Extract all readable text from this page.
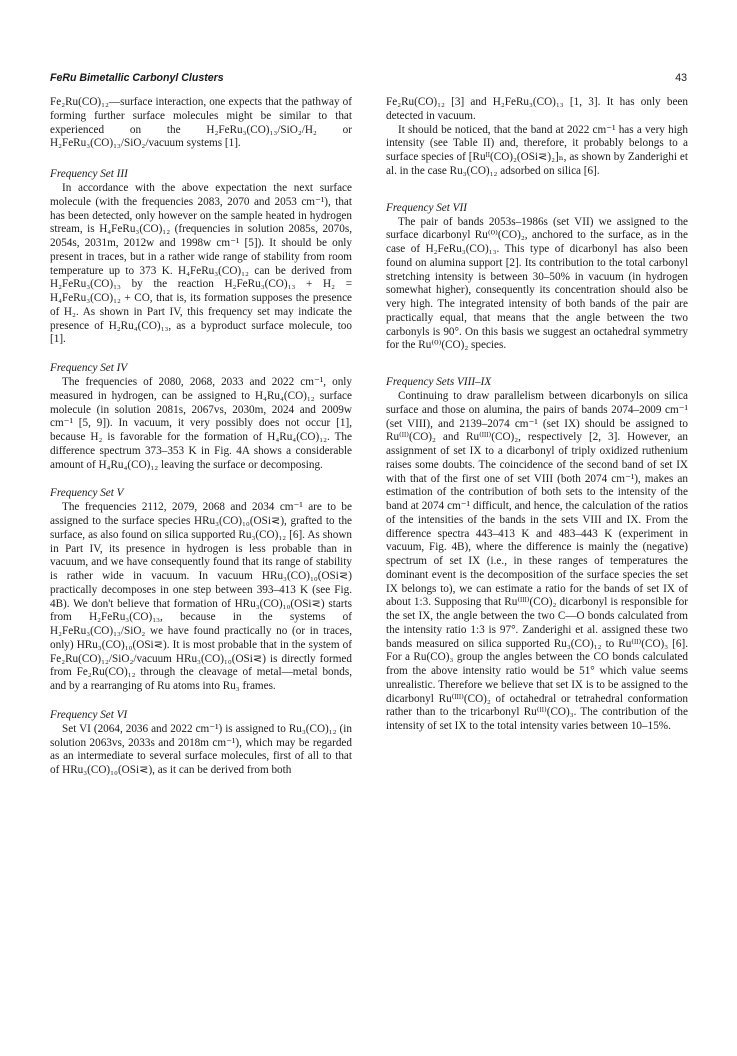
FeRu Bimetallic Carbonyl Clusters	43

Fe₂Ru(CO)₁₂—surface interaction, one expects that the pathway of forming further surface molecules might be similar to that experienced on the H₂FeRu₃(CO)₁₃/SiO₂/H₂ or H₂FeRu₃(CO)₁₃/SiO₂/vacuum systems [1].

Frequency Set III

In accordance with the above expectation the next surface molecule (with the frequencies 2083, 2070 and 2053 cm⁻¹), that has been detected, only however on the sample heated in hydrogen stream, is H₄FeRu₃(CO)₁₂ (frequencies in solution 2085s, 2070s, 2054s, 2031m, 2012w and 1998w cm⁻¹ [5]). It should be only present in traces, but in a rather wide range of stability from room temperature up to 373 K. H₄FeRu₃(CO)₁₂ can be derived from H₂FeRu₃(CO)₁₃ by the reaction H₂FeRu₃(CO)₁₃ + H₂ = H₄FeRu₃(CO)₁₂ + CO, that is, its formation supposes the presence of H₂. As shown in Part IV, this frequency set may indicate the presence of H₂Ru₄(CO)₁₃, as a byproduct surface molecule, too [1].

Frequency Set IV

The frequencies of 2080, 2068, 2033 and 2022 cm⁻¹, only measured in hydrogen, can be assigned to H₄Ru₄(CO)₁₂ surface molecule (in solution 2081s, 2067vs, 2030m, 2024 and 2009w cm⁻¹ [5, 9]). In vacuum, it very possibly does not occur [1], because H₂ is favorable for the formation of H₄Ru₄(CO)₁₂. The difference spectrum 373–353 K in Fig. 4A shows a considerable amount of H₄Ru₄(CO)₁₂ leaving the surface or decomposing.

Frequency Set V

The frequencies 2112, 2079, 2068 and 2034 cm⁻¹ are to be assigned to the surface species HRu₃(CO)₁₀(OSi⋜), grafted to the surface, as also found on silica supported Ru₃(CO)₁₂ [6]. As shown in Part IV, its presence in hydrogen is less probable than in vacuum, and we have consequently found that its range of stability is rather wide in vacuum. In vacuum HRu₃(CO)₁₀(OSi⋜) practically decomposes in one step between 393–413 K (see Fig. 4B). We don't believe that formation of HRu₃(CO)₁₀(OSi⋜) starts from H₂FeRu₃(CO)₁₃, because in the systems of H₂FeRu₃(CO)₁₃/SiO₂ we have found practically no (or in traces, only) HRu₃(CO)₁₀(OSi⋜). It is most probable that in the system of Fe₂Ru(CO)₁₂/SiO₂/vacuum HRu₃(CO)₁₀(OSi⋜) is directly formed from Fe₂Ru(CO)₁₂ through the cleavage of metal—metal bonds, and by a rearranging of Ru atoms into Ru₃ frames.

Frequency Set VI

Set VI (2064, 2036 and 2022 cm⁻¹) is assigned to Ru₃(CO)₁₂ (in solution 2063vs, 2033s and 2018m cm⁻¹), which may be regarded as an intermediate to several surface molecules, first of all to that of HRu₃(CO)₁₀(OSi⋜), as it can be derived from both

Fe₂Ru(CO)₁₂ [3] and H₂FeRu₃(CO)₁₃ [1, 3]. It has only been detected in vacuum.

It should be noticed, that the band at 2022 cm⁻¹ has a very high intensity (see Table II) and, therefore, it probably belongs to a surface species of [Ruᴵᴵ(CO)₂(OSi⋜)₂]ₙ, as shown by Zanderighi et al. in the case Ru₃(CO)₁₂ adsorbed on silica [6].

Frequency Set VII

The pair of bands 2053s–1986s (set VII) we assigned to the surface dicarbonyl Ru⁽⁰⁾(CO)₂, anchored to the surface, as in the case of H₂FeRu₃(CO)₁₃. This type of dicarbonyl has also been found on alumina support [2]. Its contribution to the total carbonyl stretching intensity is between 30–50% in vacuum (in hydrogen somewhat higher), consequently its concentration should also be very high. The integrated intensity of both bands of the pair are practically equal, that means that the angle between the two carbonyls is 90°. On this basis we suggest an octahedral symmetry for the Ru⁽⁰⁾(CO)₂ species.

Frequency Sets VIII–IX

Continuing to draw parallelism between dicarbonyls on silica surface and those on alumina, the pairs of bands 2074–2009 cm⁻¹ (set VIII), and 2139–2074 cm⁻¹ (set IX) should be assigned to Ru⁽ᴵᴵ⁾(CO)₂ and Ru⁽ᴵᴵᴵ⁾(CO)₂, respectively [2, 3]. However, an assignment of set IX to a dicarbonyl of triply oxidized ruthenium raises some doubts. The coincidence of the second band of set IX with that of the first one of set VIII (both 2074 cm⁻¹), makes an estimation of the contribution of both sets to the intensity of the band at 2074 cm⁻¹ difficult, and hence, the calculation of the ratios of the intensities of the bands in the sets VIII and IX. From the difference spectra 443–413 K and 483–443 K (experiment in vacuum, Fig. 4B), where the difference is mainly the (negative) spectrum of set IX (i.e., in these ranges of temperatures the dominant event is the decomposition of the surface species the set IX belongs to), we can estimate a ratio for the bands of set IX of about 1:3. Supposing that Ru⁽ᴵᴵᴵ⁾(CO)₂ dicarbonyl is responsible for the set IX, the angle between the two C—O bonds calculated from the intensity ratio 1:3 is 97°. Zanderighi et al. assigned these two bands measured on silica supported Ru₃(CO)₁₂ to Ru⁽ᴵᴵ⁾(CO)₃ [6]. For a Ru(CO)₃ group the angles between the CO bonds calculated from the above intensity ratio would be 51° which value seems unrealistic. Therefore we believe that set IX is to be assigned to the dicarbonyl Ru⁽ᴵᴵᴵ⁾(CO)₂ of octahedral or tetrahedral conformation rather than to the tricarbonyl Ru⁽ᴵᴵ⁾(CO)₃. The contribution of the intensity of set IX to the total intensity varies between 10–15%.
